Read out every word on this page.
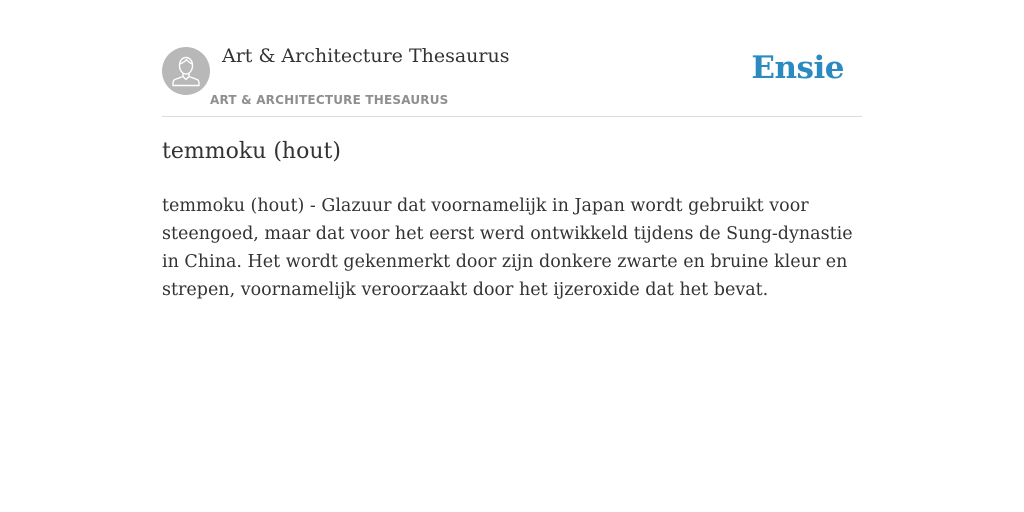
Art & Architecture Thesaurus
ART & ARCHITECTURE THESAURUS
Ensie
temmoku (hout)

temmoku (hout) - Glazuur dat voornamelijk in Japan wordt gebruikt voor steengoed, maar dat voor het eerst werd ontwikkeld tijdens de Sung-dynastie in China. Het wordt gekenmerkt door zijn donkere zwarte en bruine kleur en strepen, voornamelijk veroorzaakt door het ijzeroxide dat het bevat.
